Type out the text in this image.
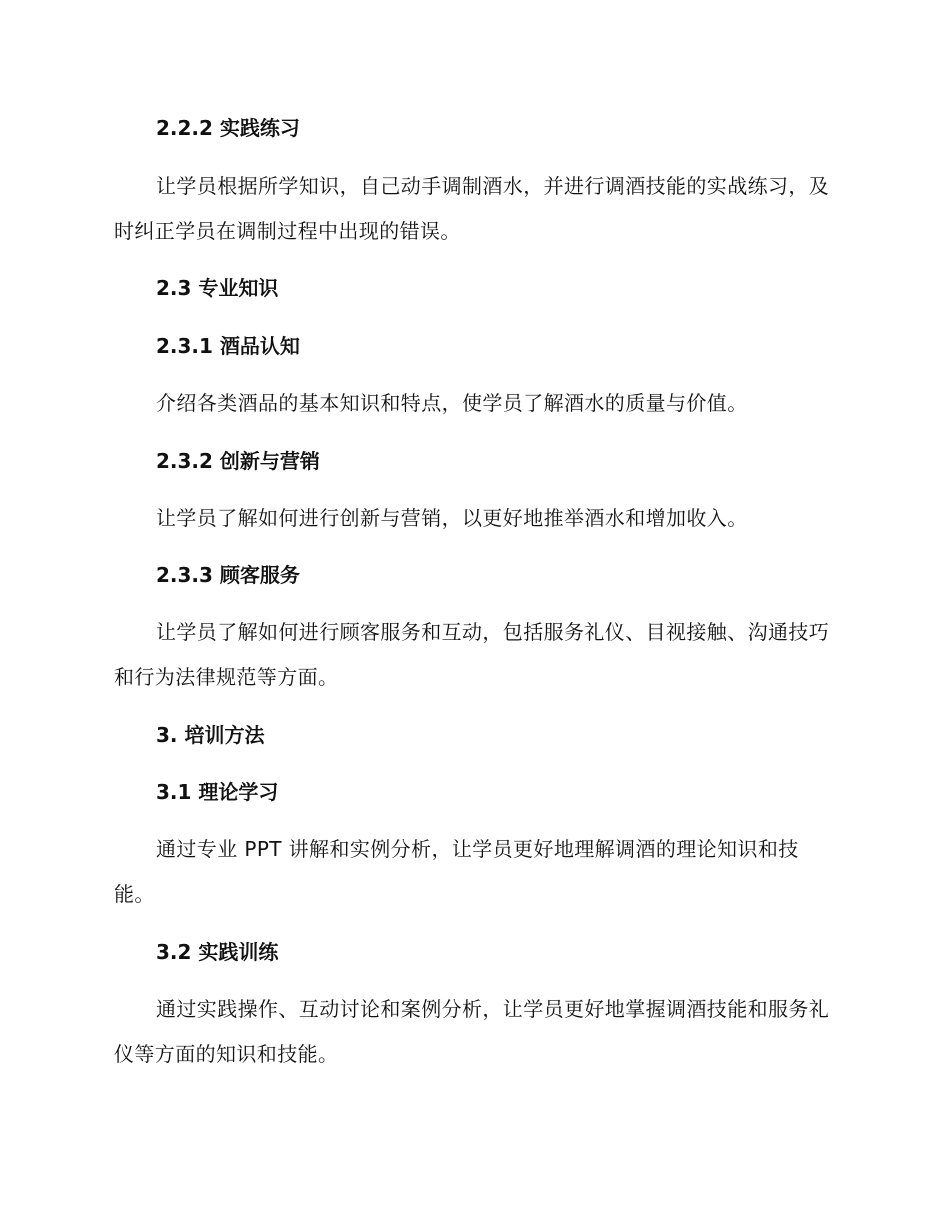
2.2.2 实践练习

让学员根据所学知识，自己动手调制酒水，并进行调酒技能的实战练习，及时纠正学员在调制过程中出现的错误。

2.3 专业知识
2.3.1 酒品认知

介绍各类酒品的基本知识和特点，使学员了解酒水的质量与价值。

2.3.2 创新与营销

让学员了解如何进行创新与营销，以更好地推举酒水和增加收入。

2.3.3 顾客服务

让学员了解如何进行顾客服务和互动，包括服务礼仪、目视接触、沟通技巧和行为法律规范等方面。

3. 培训方法
3.1 理论学习

通过专业 PPT 讲解和实例分析，让学员更好地理解调酒的理论知识和技能。

3.2 实践训练

通过实践操作、互动讨论和案例分析，让学员更好地掌握调酒技能和服务礼仪等方面的知识和技能。
